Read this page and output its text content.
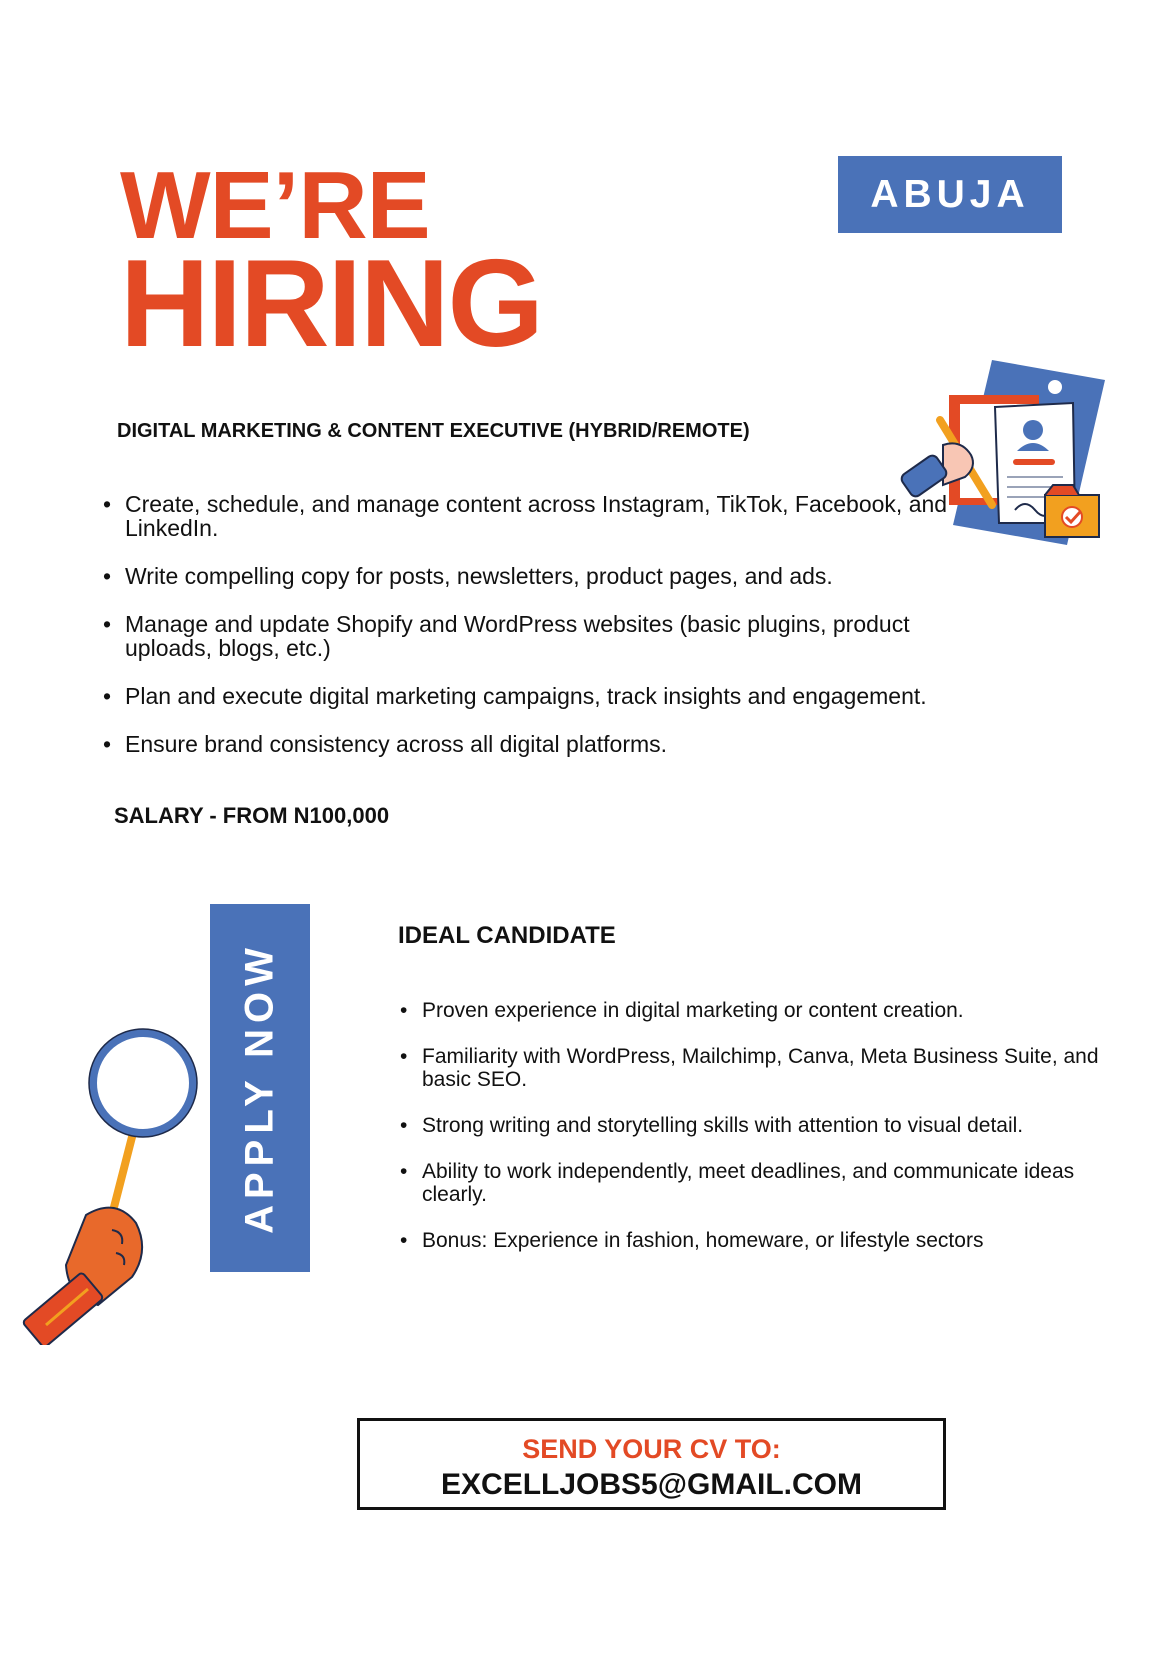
WE’RE
HIRING
ABUJA
DIGITAL MARKETING & CONTENT EXECUTIVE (HYBRID/REMOTE)
• Create, schedule, and manage content across Instagram, TikTok, Facebook, and LinkedIn.
• Write compelling copy for posts, newsletters, product pages, and ads.
• Manage and update Shopify and WordPress websites (basic plugins, product uploads, blogs, etc.)
• Plan and execute digital marketing campaigns, track insights and engagement.
• Ensure brand consistency across all digital platforms.

SALARY - FROM N100,000

APPLY NOW
IDEAL CANDIDATE
• Proven experience in digital marketing or content creation.
• Familiarity with WordPress, Mailchimp, Canva, Meta Business Suite, and basic SEO.
• Strong writing and storytelling skills with attention to visual detail.
• Ability to work independently, meet deadlines, and communicate ideas clearly.
• Bonus: Experience in fashion, homeware, or lifestyle sectors
SEND YOUR CV TO:
EXCELLJOBS5@GMAIL.COM
